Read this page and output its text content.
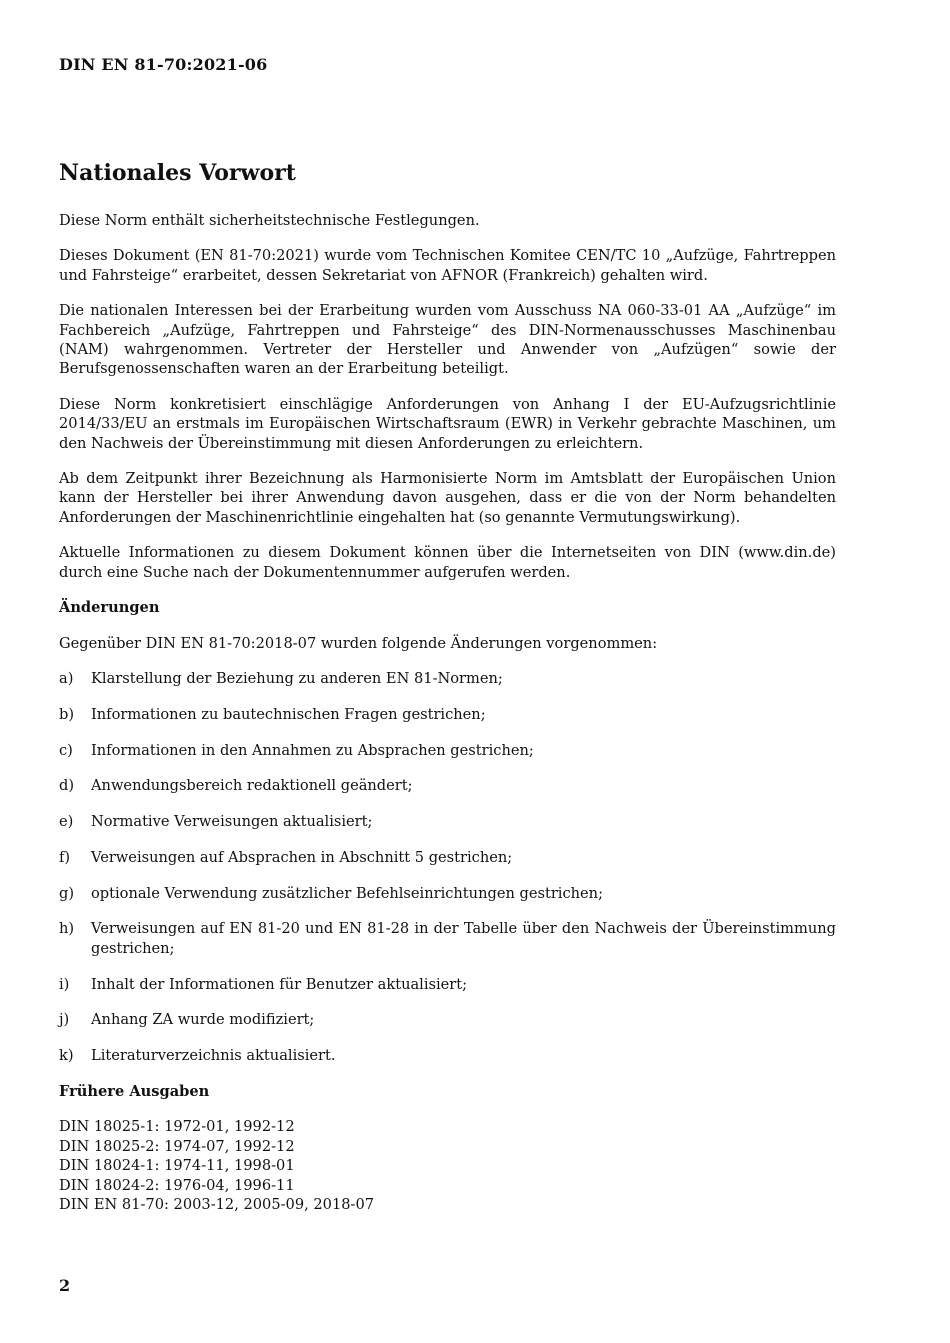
DIN EN 81-70:2021-06
Nationales Vorwort

Diese Norm enthält sicherheitstechnische Festlegungen.

Dieses Dokument (EN 81-70:2021) wurde vom Technischen Komitee CEN/TC 10 „Aufzüge, Fahrtreppen und Fahrsteige“ erarbeitet, dessen Sekretariat von AFNOR (Frankreich) gehalten wird.

Die nationalen Interessen bei der Erarbeitung wurden vom Ausschuss NA 060-33-01 AA „Aufzüge“ im Fachbereich „Aufzüge, Fahrtreppen und Fahrsteige“ des DIN-Normenausschusses Maschinenbau (NAM) wahrgenommen. Vertreter der Hersteller und Anwender von „Aufzügen“ sowie der Berufsgenossenschaften waren an der Erarbeitung beteiligt.

Diese Norm konkretisiert einschlägige Anforderungen von Anhang I der EU-Aufzugsrichtlinie 2014/33/EU an erstmals im Europäischen Wirtschaftsraum (EWR) in Verkehr gebrachte Maschinen, um den Nachweis der Übereinstimmung mit diesen Anforderungen zu erleichtern.

Ab dem Zeitpunkt ihrer Bezeichnung als Harmonisierte Norm im Amtsblatt der Europäischen Union kann der Hersteller bei ihrer Anwendung davon ausgehen, dass er die von der Norm behandelten Anforderungen der Maschinenrichtlinie eingehalten hat (so genannte Vermutungswirkung).

Aktuelle Informationen zu diesem Dokument können über die Internetseiten von DIN (www.din.de) durch eine Suche nach der Dokumentennummer aufgerufen werden.

Änderungen

Gegenüber DIN EN 81-70:2018-07 wurden folgende Änderungen vorgenommen:

a) Klarstellung der Beziehung zu anderen EN 81-Normen;
b) Informationen zu bautechnischen Fragen gestrichen;
c) Informationen in den Annahmen zu Absprachen gestrichen;
d) Anwendungsbereich redaktionell geändert;
e) Normative Verweisungen aktualisiert;
f) Verweisungen auf Absprachen in Abschnitt 5 gestrichen;
g) optionale Verwendung zusätzlicher Befehlseinrichtungen gestrichen;
h) Verweisungen auf EN 81-20 und EN 81-28 in der Tabelle über den Nachweis der Übereinstimmung gestrichen;
i) Inhalt der Informationen für Benutzer aktualisiert;
j) Anhang ZA wurde modifiziert;
k) Literaturverzeichnis aktualisiert.
Frühere Ausgaben
DIN 18025-1: 1972-01, 1992-12
DIN 18025-2: 1974-07, 1992-12
DIN 18024-1: 1974-11, 1998-01
DIN 18024-2: 1976-04, 1996-11
DIN EN 81-70: 2003-12, 2005-09, 2018-07
2
